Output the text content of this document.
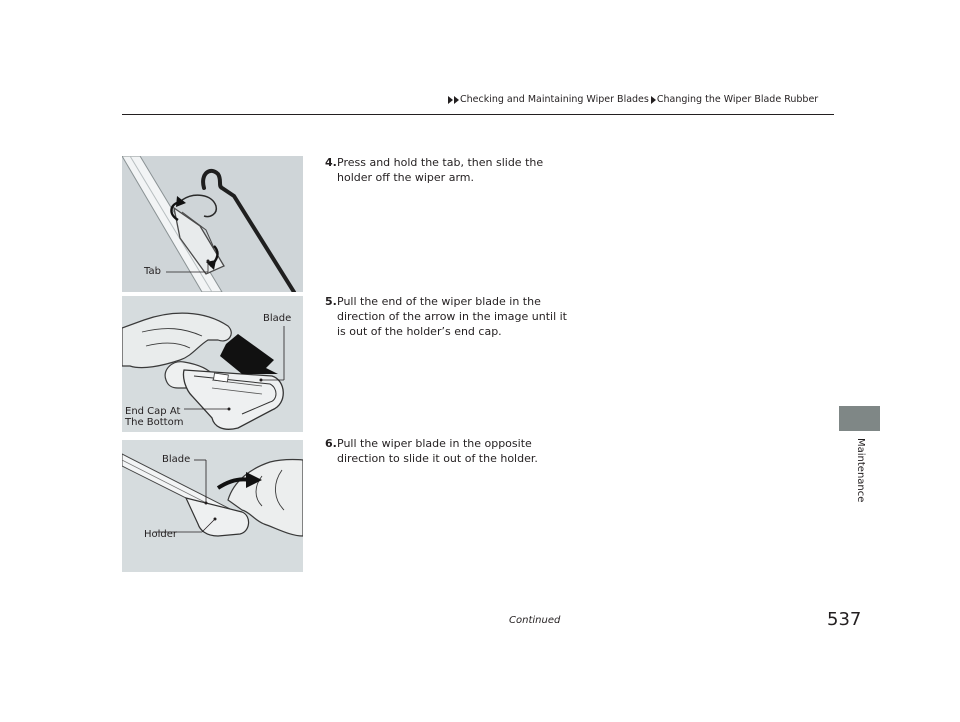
Checking and Maintaining Wiper Blades Changing the Wiper Blade Rubber
Tab
Blade
End Cap At
The Bottom
Blade
Holder
4. Press and hold the tab, then slide the
holder off the wiper arm.
5. Pull the end of the wiper blade in the
direction of the arrow in the image until it
is out of the holder’s end cap.
6. Pull the wiper blade in the opposite
direction to slide it out of the holder.	Maintenance
Continued	537
